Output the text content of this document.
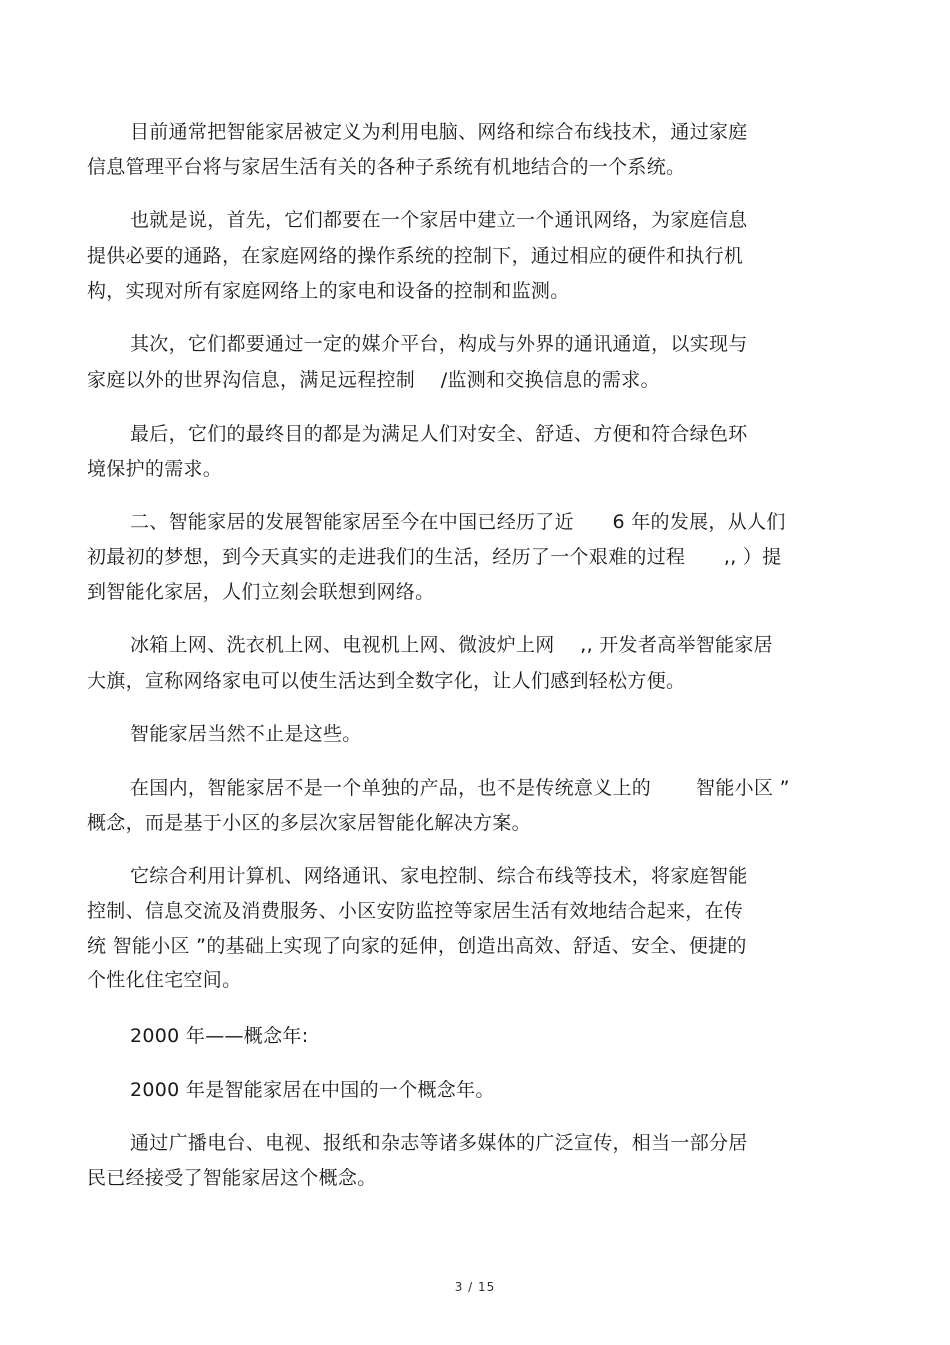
目前通常把智能家居被定义为利用电脑、网络和综合布线技术，通过家庭
信息管理平台将与家居生活有关的各种子系统有机地结合的一个系统。
也就是说，首先，它们都要在一个家居中建立一个通讯网络，为家庭信息
提供必要的通路，在家庭网络的操作系统的控制下，通过相应的硬件和执行机
构，实现对所有家庭网络上的家电和设备的控制和监测。
其次，它们都要通过一定的媒介平台，构成与外界的通讯通道，以实现与
家庭以外的世界沟信息，满足远程控制　 /监测和交换信息的需求。
最后，它们的最终目的都是为满足人们对安全、舒适、方便和符合绿色环
境保护的需求。
二、智能家居的发展智能家居至今在中国已经历了近　　6 年的发展，从人们
初最初的梦想，到今天真实的走进我们的生活，经历了一个艰难的过程　　,, ）提
到智能化家居，人们立刻会联想到网络。
冰箱上网、洗衣机上网、电视机上网、微波炉上网　 ,, 开发者高举智能家居
大旗，宣称网络家电可以使生活达到全数字化，让人们感到轻松方便。
智能家居当然不止是这些。
在国内，智能家居不是一个单独的产品，也不是传统意义上的　　 智能小区 ”
概念，而是基于小区的多层次家居智能化解决方案。
它综合利用计算机、网络通讯、家电控制、综合布线等技术，将家庭智能
控制、信息交流及消费服务、小区安防监控等家居生活有效地结合起来，在传
统 智能小区 ”的基础上实现了向家的延伸，创造出高效、舒适、安全、便捷的
个性化住宅空间。
2000 年——概念年:
2000 年是智能家居在中国的一个概念年。
通过广播电台、电视、报纸和杂志等诸多媒体的广泛宣传，相当一部分居
民已经接受了智能家居这个概念。
3 / 15
